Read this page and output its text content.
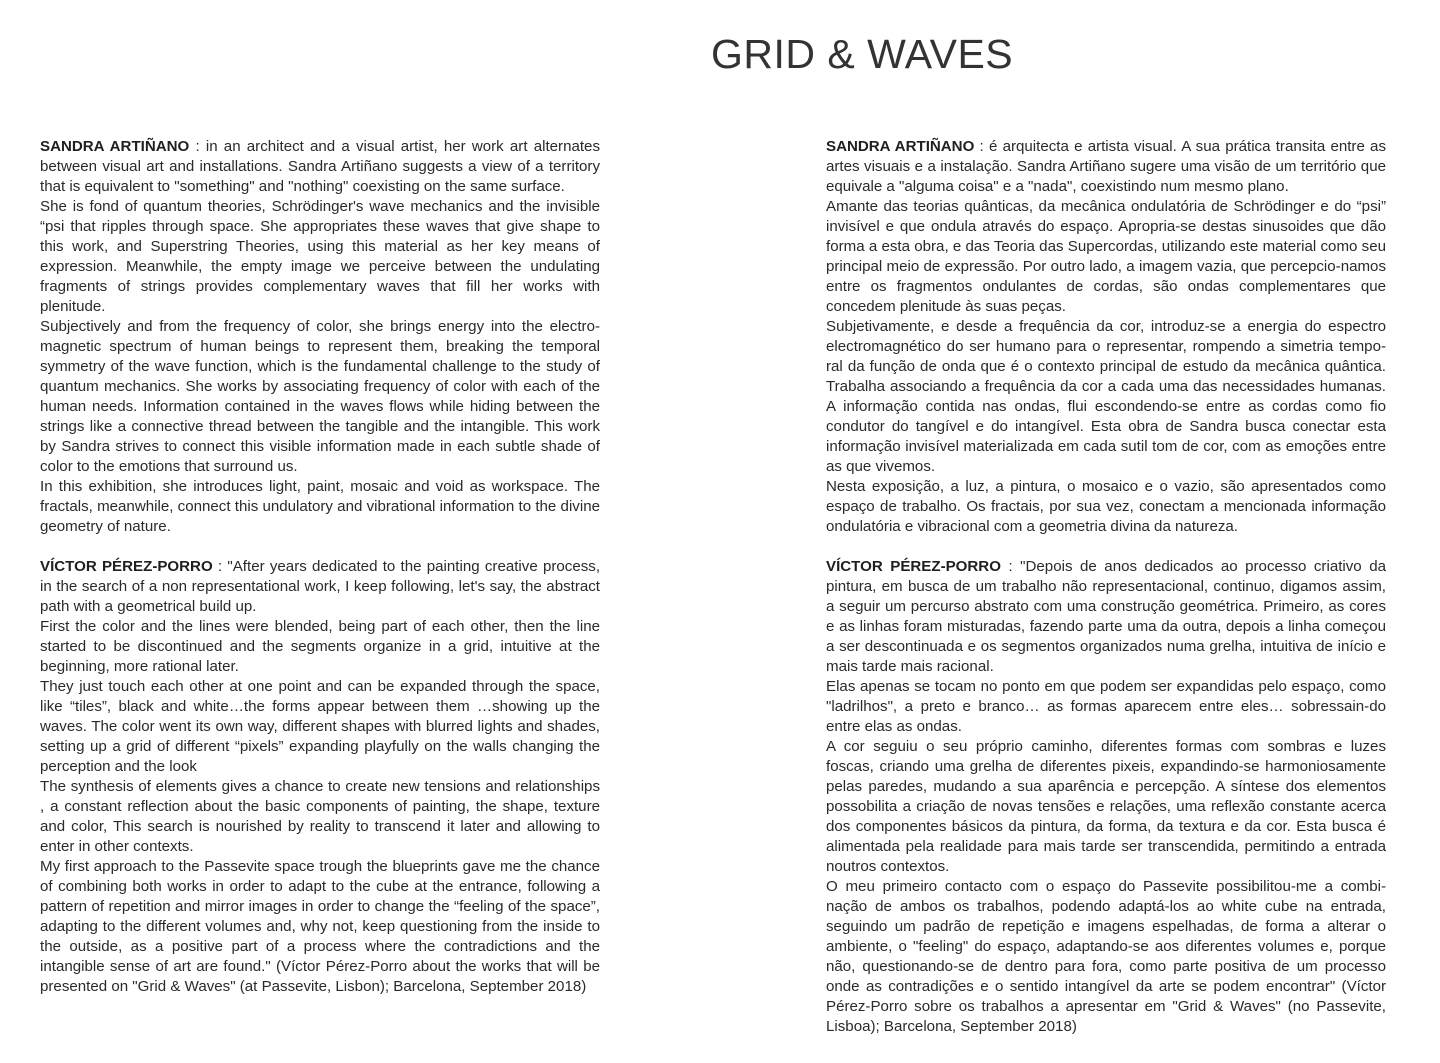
GRID & WAVES

SANDRA ARTIÑANO : in an architect and a visual artist, her work art alternates between visual art and installations. Sandra Artiñano suggests a view of a territory that is equivalent to "something" and "nothing" coexisting on the same surface.

She is fond of quantum theories, Schrödinger's wave mechanics and the invisible “psi that ripples through space. She appropriates these waves that give shape to this work, and Superstring Theories, using this material as her key means of expression. Meanwhile, the empty image we perceive between the undulating fragments of strings provides complementary waves that fill her works with plenitude.

Subjectively and from the frequency of color, she brings energy into the electro-magnetic spectrum of human beings to represent them, breaking the temporal symmetry of the wave function, which is the fundamental challenge to the study of quantum mechanics. She works by associating frequency of color with each of the human needs. Information contained in the waves flows while hiding between the strings like a connective thread between the tangible and the intangible. This work by Sandra strives to connect this visible information made in each subtle shade of color to the emotions that surround us.

In this exhibition, she introduces light, paint, mosaic and void as workspace. The fractals, meanwhile, connect this undulatory and vibrational information to the divine geometry of nature.

VÍCTOR PÉREZ-PORRO : "After years dedicated to the painting creative process, in the search of a non representational work, I keep following, let's say, the abstract path with a geometrical build up.

First the color and the lines were blended, being part of each other, then the line started to be discontinued and the segments organize in a grid, intuitive at the beginning, more rational later.

They just touch each other at one point and can be expanded through the space, like “tiles”, black and white…the forms appear between them …showing up the waves. The color went its own way, different shapes with blurred lights and shades, setting up a grid of different “pixels” expanding playfully on the walls changing the perception and the look

The synthesis of elements gives a chance to create new tensions and relationships , a constant reflection about the basic components of painting, the shape, texture and color, This search is nourished by reality to transcend it later and allowing to enter in other contexts.

My first approach to the Passevite space trough the blueprints gave me the chance of combining both works in order to adapt to the cube at the entrance, following a pattern of repetition and mirror images in order to change the “feeling of the space”, adapting to the different volumes and, why not, keep questioning from the inside to the outside, as a positive part of a process where the contradictions and the intangible sense of art are found." (Víctor Pérez-Porro about the works that will be presented on "Grid & Waves" (at Passevite, Lisbon); Barcelona, September 2018)

SANDRA ARTIÑANO : é arquitecta e artista visual. A sua prática transita entre as artes visuais e a instalação. Sandra Artiñano sugere uma visão de um território que equivale a "alguma coisa" e a "nada", coexistindo num mesmo plano.

Amante das teorias quânticas, da mecânica ondulatória de Schrödinger e do “psi” invisível e que ondula através do espaço. Apropria-se destas sinusoides que dão forma a esta obra, e das Teoria das Supercordas, utilizando este material como seu principal meio de expressão. Por outro lado, a imagem vazia, que percepcio-namos entre os fragmentos ondulantes de cordas, são ondas complementares que concedem plenitude às suas peças.

Subjetivamente, e desde a frequência da cor, introduz-se a energia do espectro electromagnético do ser humano para o representar, rompendo a simetria tempo-ral da função de onda que é o contexto principal de estudo da mecânica quântica. Trabalha associando a frequência da cor a cada uma das necessidades humanas. A informação contida nas ondas, flui escondendo-se entre as cordas como fio condutor do tangível e do intangível. Esta obra de Sandra busca conectar esta informação invisível materializada em cada sutil tom de cor, com as emoções entre as que vivemos.

Nesta exposição, a luz, a pintura, o mosaico e o vazio, são apresentados como espaço de trabalho. Os fractais, por sua vez, conectam a mencionada informação ondulatória e vibracional com a geometria divina da natureza.

VÍCTOR PÉREZ-PORRO : "Depois de anos dedicados ao processo criativo da pintura, em busca de um trabalho não representacional, continuo, digamos assim, a seguir um percurso abstrato com uma construção geométrica. Primeiro, as cores e as linhas foram misturadas, fazendo parte uma da outra, depois a linha começou a ser descontinuada e os segmentos organizados numa grelha, intuitiva de início e mais tarde mais racional.

Elas apenas se tocam no ponto em que podem ser expandidas pelo espaço, como "ladrilhos", a preto e branco… as formas aparecem entre eles… sobressain-do entre elas as ondas.

A cor seguiu o seu próprio caminho, diferentes formas com sombras e luzes foscas, criando uma grelha de diferentes pixeis, expandindo-se harmoniosamente pelas paredes, mudando a sua aparência e percepção. A síntese dos elementos possobilita a criação de novas tensões e relações, uma reflexão constante acerca dos componentes básicos da pintura, da forma, da textura e da cor. Esta busca é alimentada pela realidade para mais tarde ser transcendida, permitindo a entrada noutros contextos.

O meu primeiro contacto com o espaço do Passevite possibilitou-me a combi-nação de ambos os trabalhos, podendo adaptá-los ao white cube na entrada, seguindo um padrão de repetição e imagens espelhadas, de forma a alterar o ambiente, o "feeling" do espaço, adaptando-se aos diferentes volumes e, porque não, questionando-se de dentro para fora, como parte positiva de um processo onde as contradições e o sentido intangível da arte se podem encontrar" (Víctor Pérez-Porro sobre os trabalhos a apresentar em "Grid & Waves" (no Passevite, Lisboa); Barcelona, September 2018)
